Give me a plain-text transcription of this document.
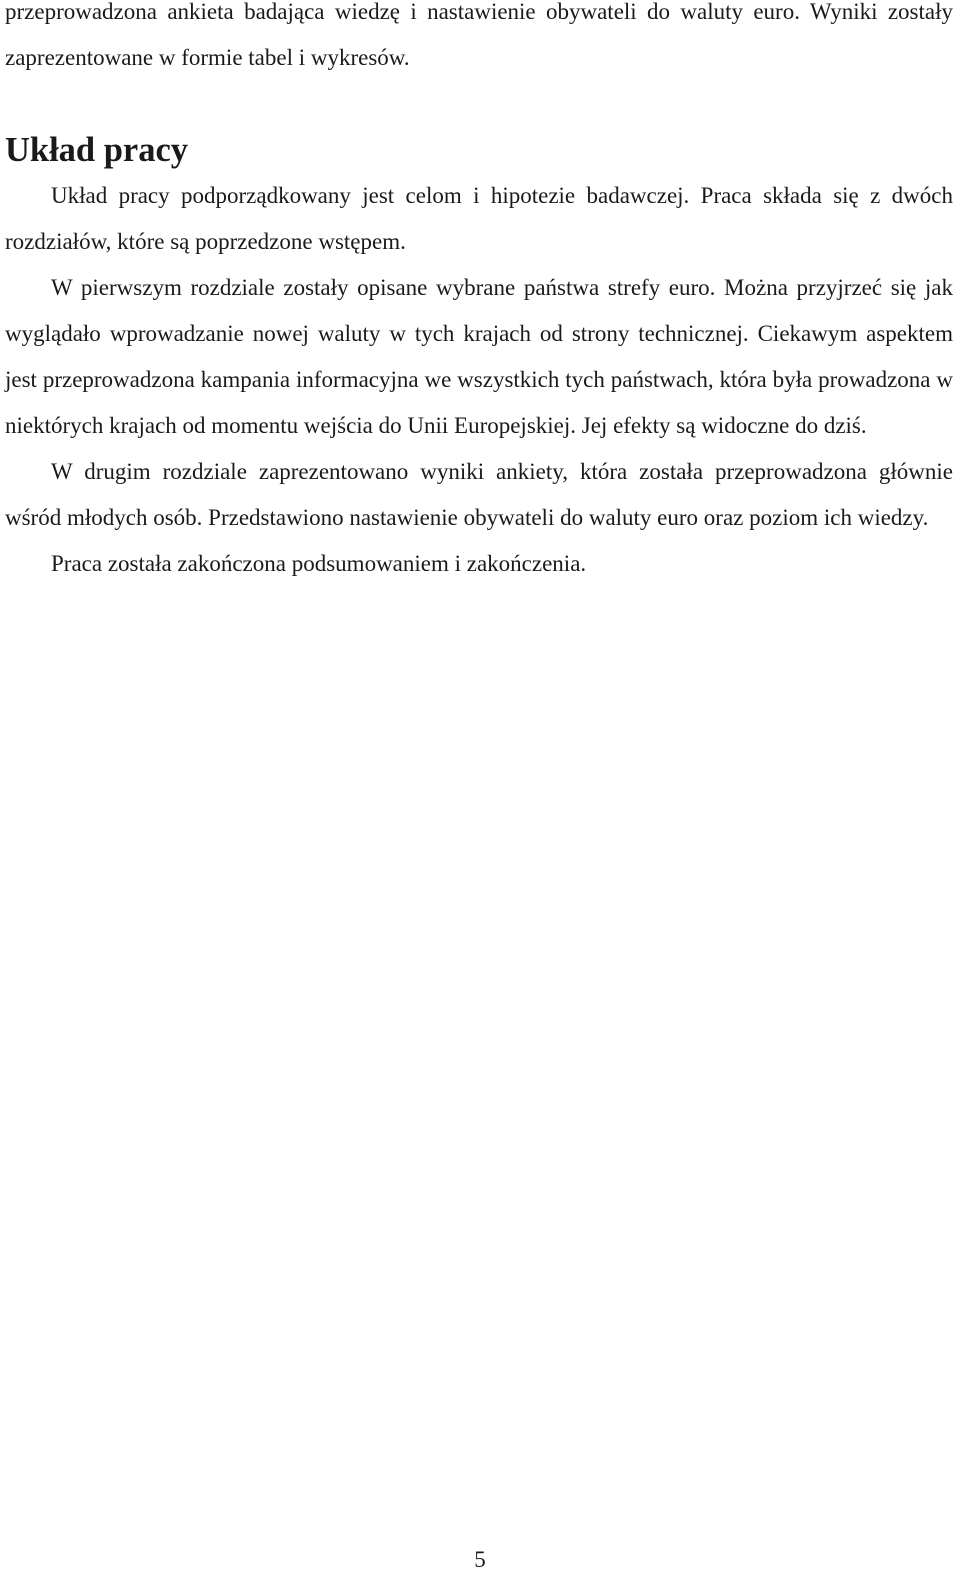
przeprowadzona ankieta badająca wiedzę i nastawienie obywateli do waluty euro. Wyniki zostały zaprezentowane w formie tabel i wykresów.

Układ pracy

Układ pracy podporządkowany jest celom i hipotezie badawczej. Praca składa się z dwóch rozdziałów, które są poprzedzone wstępem.

W pierwszym rozdziale zostały opisane wybrane państwa strefy euro. Można przyjrzeć się jak wyglądało wprowadzanie nowej waluty w tych krajach od strony technicznej. Ciekawym aspektem jest przeprowadzona kampania informacyjna we wszystkich tych państwach, która była prowadzona w niektórych krajach od momentu wejścia do Unii Europejskiej. Jej efekty są widoczne do dziś.

W drugim rozdziale zaprezentowano wyniki ankiety, która została przeprowadzona głównie wśród młodych osób. Przedstawiono nastawienie obywateli do waluty euro oraz poziom ich wiedzy.

Praca została zakończona podsumowaniem i zakończenia.

5
